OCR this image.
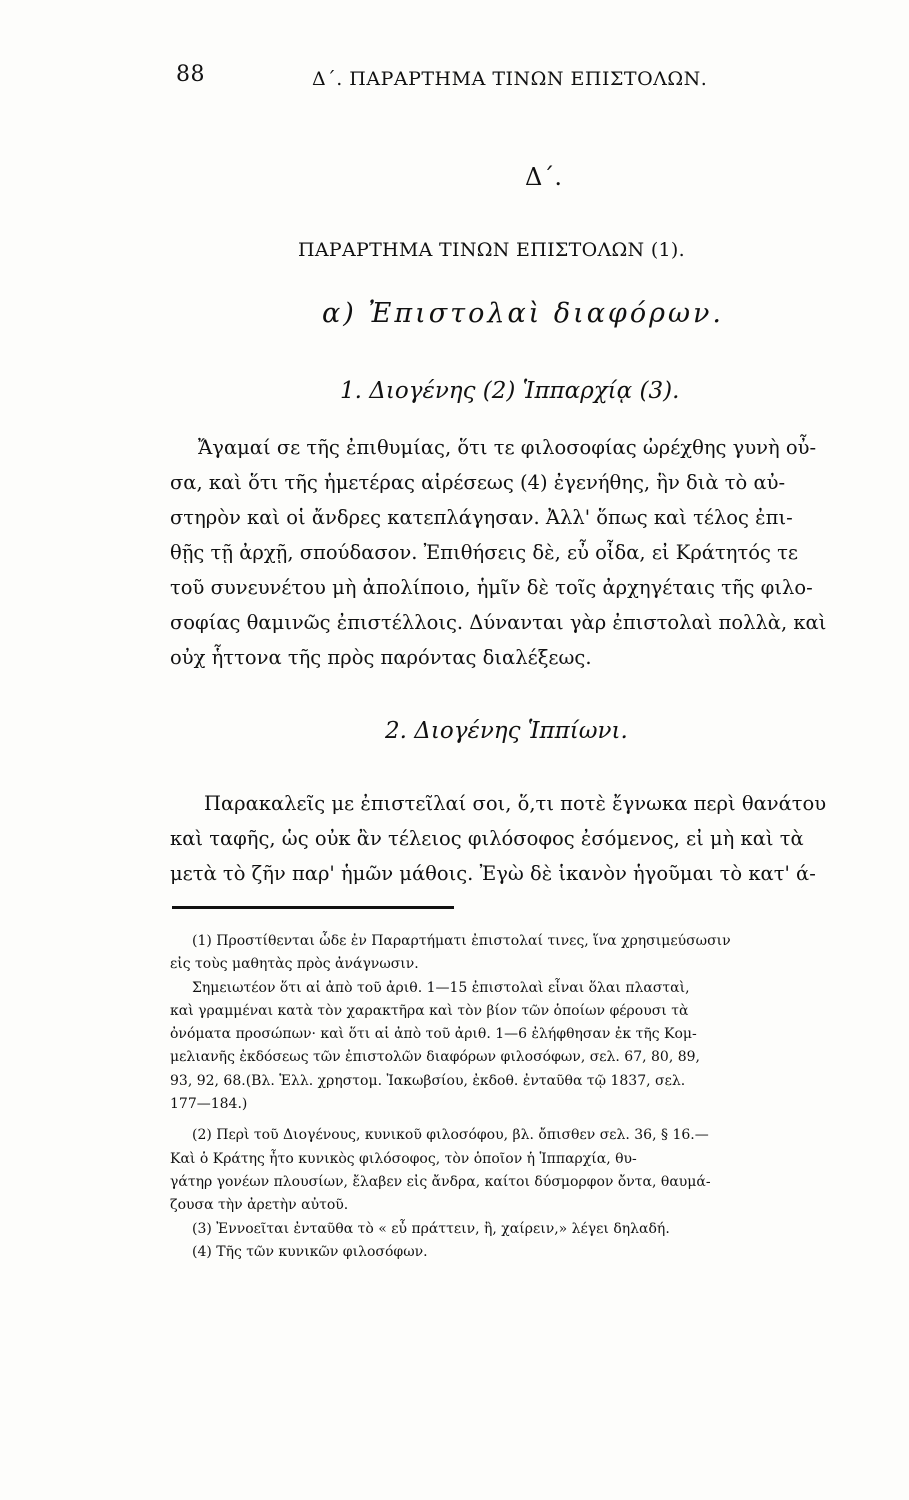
88	Δ΄. ΠΑΡΑΡΤΗΜΑ ΤΙΝΩΝ ΕΠΙΣΤΟΛΩΝ.
Δ΄.
ΠΑΡΑΡΤΗΜΑ ΤΙΝΩΝ ΕΠΙΣΤΟΛΩΝ (1).
α) Ἐπιστολαὶ διαφόρων.
1. Διογένης (2) Ἱππαρχίᾳ (3).
Ἄγαμαί σε τῆς ἐπιθυμίας, ὅτι τε φιλοσοφίας ὠρέχθης γυνὴ οὖ-
σα, καὶ ὅτι τῆς ἡμετέρας αἱρέσεως (4) ἐγενήθης, ἣν διὰ τὸ αὐ-
στηρὸν καὶ οἱ ἄνδρες κατεπλάγησαν. Ἀλλ' ὅπως καὶ τέλος ἐπι-
θῇς τῇ ἀρχῇ, σπούδασον. Ἐπιθήσεις δὲ, εὖ οἶδα, εἰ Κράτητός τε
τοῦ συνευνέτου μὴ ἀπολίποιο, ἡμῖν δὲ τοῖς ἀρχηγέταις τῆς φιλο-
σοφίας θαμινῶς ἐπιστέλλοις. Δύνανται γὰρ ἐπιστολαὶ πολλὰ, καὶ
οὐχ ἧττονα τῆς πρὸς παρόντας διαλέξεως.
2. Διογένης Ἱππίωνι.
Παρακαλεῖς με ἐπιστεῖλαί σοι, ὅ,τι ποτὲ ἔγνωκα περὶ θανάτου
καὶ ταφῆς, ὡς οὐκ ἂν τέλειος φιλόσοφος ἐσόμενος, εἰ μὴ καὶ τὰ
μετὰ τὸ ζῆν παρ' ἡμῶν μάθοις. Ἐγὼ δὲ ἱκανὸν ἡγοῦμαι τὸ κατ' ά-
(1) Προστίθενται ὧδε ἐν Παραρτήματι ἐπιστολαί τινες, ἵνα χρησιμεύσωσιν
εἰς τοὺς μαθητὰς πρὸς ἀνάγνωσιν.
Σημειωτέον ὅτι αἱ ἀπὸ τοῦ ἀριθ. 1—15 ἐπιστολαὶ εἶναι ὅλαι πλασταὶ,
καὶ γραμμέναι κατὰ τὸν χαρακτῆρα καὶ τὸν βίον τῶν ὁποίων φέρουσι τὰ
ὀνόματα προσώπων· καὶ ὅτι αἱ ἀπὸ τοῦ ἀριθ. 1—6 ἐλήφθησαν ἐκ τῆς Κομ-
μελιανῆς ἐκδόσεως τῶν ἐπιστολῶν διαφόρων φιλοσόφων, σελ. 67, 80, 89,
93, 92, 68.(Βλ. Ἑλλ. χρηστομ. Ἰακωβσίου, ἐκδοθ. ἐνταῦθα τῷ 1837, σελ.
177—184.)
(2) Περὶ τοῦ Διογένους, κυνικοῦ φιλοσόφου, βλ. ὄπισθεν σελ. 36, § 16.—
Καὶ ὁ Κράτης ἦτο κυνικὸς φιλόσοφος, τὸν ὁποῖον ἡ Ἱππαρχία, θυ-
γάτηρ γονέων πλουσίων, ἔλαβεν εἰς ἄνδρα, καίτοι δύσμορφον ὄντα, θαυμά-
ζουσα τὴν ἀρετὴν αὐτοῦ.
(3) Ἐννοεῖται ἐνταῦθα τὸ « εὖ πράττειν, ἢ, χαίρειν,» λέγει δηλαδή.
(4) Τῆς τῶν κυνικῶν φιλοσόφων.
